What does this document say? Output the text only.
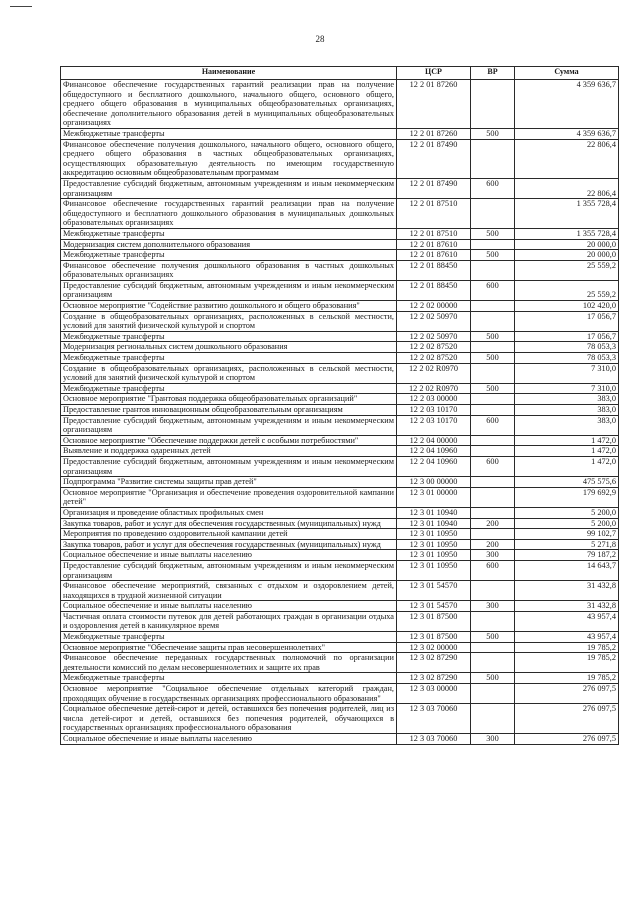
28
Наименование	ЦСР	ВР	Сумма
Финансовое обеспечение государственных гарантий реализации прав на получение общедоступного и бесплатного дошкольного, начального общего, основного общего, среднего общего образования в муниципальных общеобразовательных организациях, обеспечение дополнительного образования детей в муниципальных общеобразовательных организациях	12 2 01 87260		4 359 636,7
Межбюджетные трансферты	12 2 01 87260	500	4 359 636,7
Финансовое обеспечение получения дошкольного, начального общего, основного общего, среднего общего образования в частных общеобразовательных организациях, осуществляющих образовательную деятельность по имеющим государственную аккредитацию основным общеобразовательным программам	12 2 01 87490		22 806,4
Предоставление субсидий бюджетным, автономным учреждениям и иным некоммерческим организациям	12 2 01 87490	600	22 806,4
Финансовое обеспечение государственных гарантий реализации прав на получение общедоступного и бесплатного дошкольного образования в муниципальных дошкольных образовательных организациях	12 2 01 87510		1 355 728,4
Межбюджетные трансферты	12 2 01 87510	500	1 355 728,4
Модернизация систем дополнительного образования	12 2 01 87610		20 000,0
Межбюджетные трансферты	12 2 01 87610	500	20 000,0
Финансовое обеспечение получения дошкольного образования в частных дошкольных образовательных организациях	12 2 01 88450		25 559,2
Предоставление субсидий бюджетным, автономным учреждениям и иным некоммерческим организациям	12 2 01 88450	600	25 559,2
Основное мероприятие "Содействие развитию дошкольного и общего образования"	12 2 02 00000		102 420,0
Создание в общеобразовательных организациях, расположенных в сельской местности, условий для занятий физической культурой и спортом	12 2 02 50970		17 056,7
Межбюджетные трансферты	12 2 02 50970	500	17 056,7
Модернизация региональных систем дошкольного образования	12 2 02 87520		78 053,3
Межбюджетные трансферты	12 2 02 87520	500	78 053,3
Создание в общеобразовательных организациях, расположенных в сельской местности, условий для занятий физической культурой и спортом	12 2 02 R0970		7 310,0
Межбюджетные трансферты	12 2 02 R0970	500	7 310,0
Основное мероприятие "Грантовая поддержка общеобразовательных организаций"	12 2 03 00000		383,0
Предоставление грантов инновационным общеобразовательным организациям	12 2 03 10170		383,0
Предоставление субсидий бюджетным, автономным учреждениям и иным некоммерческим организациям	12 2 03 10170	600	383,0
Основное мероприятие "Обеспечение поддержки детей с особыми потребностями"	12 2 04 00000		1 472,0
Выявление и поддержка одаренных детей	12 2 04 10960		1 472,0
Предоставление субсидий бюджетным, автономным учреждениям и иным некоммерческим организациям	12 2 04 10960	600	1 472,0
Подпрограмма "Развитие системы защиты прав детей"	12 3 00 00000		475 575,6
Основное мероприятие "Организация и обеспечение проведения оздоровительной кампании детей"	12 3 01 00000		179 692,9
Организация и проведение областных профильных смен	12 3 01 10940		5 200,0
Закупка товаров, работ и услуг для обеспечения государственных (муниципальных) нужд	12 3 01 10940	200	5 200,0
Мероприятия по проведению оздоровительной кампании детей	12 3 01 10950		99 102,7
Закупка товаров, работ и услуг для обеспечения государственных (муниципальных) нужд	12 3 01 10950	200	5 271,8
Социальное обеспечение и иные выплаты населению	12 3 01 10950	300	79 187,2
Предоставление субсидий бюджетным, автономным учреждениям и иным некоммерческим организациям	12 3 01 10950	600	14 643,7
Финансовое обеспечение мероприятий, связанных с отдыхом и оздоровлением детей, находящихся в трудной жизненной ситуации	12 3 01 54570		31 432,8
Социальное обеспечение и иные выплаты населению	12 3 01 54570	300	31 432,8
Частичная оплата стоимости путевок для детей работающих граждан в организации отдыха и оздоровления детей в каникулярное время	12 3 01 87500		43 957,4
Межбюджетные трансферты	12 3 01 87500	500	43 957,4
Основное мероприятие "Обеспечение защиты прав несовершеннолетних"	12 3 02 00000		19 785,2
Финансовое обеспечение переданных государственных полномочий по организации деятельности комиссий по делам несовершеннолетних и защите их прав	12 3 02 87290		19 785,2
Межбюджетные трансферты	12 3 02 87290	500	19 785,2
Основное мероприятие "Социальное обеспечение отдельных категорий граждан, проходящих обучение в государственных организациях профессионального образования"	12 3 03 00000		276 097,5
Социальное обеспечение детей-сирот и детей, оставшихся без попечения родителей, лиц из числа детей-сирот и детей, оставшихся без попечения родителей, обучающихся в государственных организациях профессионального образования	12 3 03 70060		276 097,5
Социальное обеспечение и иные выплаты населению	12 3 03 70060	300	276 097,5
